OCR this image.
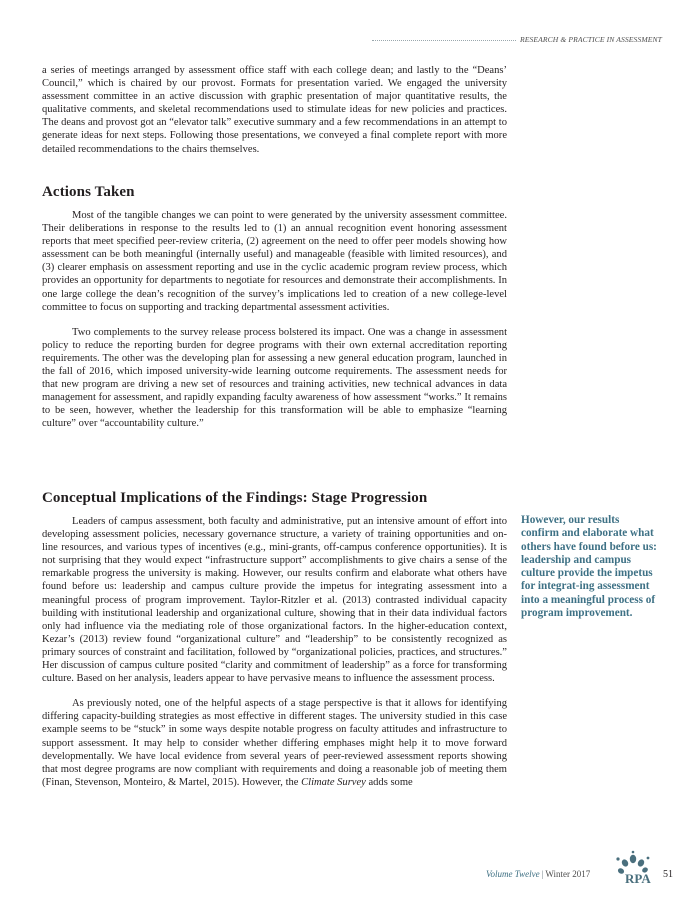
RESEARCH & PRACTICE IN ASSESSMENT

a series of meetings arranged by assessment office staff with each college dean; and lastly to the “Deans’ Council,” which is chaired by our provost. Formats for presentation varied. We engaged the university assessment committee in an active discussion with graphic presentation of major quantitative results, the qualitative comments, and skeletal recommendations used to stimulate ideas for new policies and practices. The deans and provost got an “elevator talk” executive summary and a few recommendations in an attempt to generate ideas for next steps. Following those presentations, we conveyed a final complete report with more detailed recommendations to the chairs themselves.

Actions Taken

Most of the tangible changes we can point to were generated by the university assessment committee. Their deliberations in response to the results led to (1) an annual recognition event honoring assessment reports that meet specified peer-review criteria, (2) agreement on the need to offer peer models showing how assessment can be both meaningful (internally useful) and manageable (feasible with limited resources), and (3) clearer emphasis on assessment reporting and use in the cyclic academic program review process, which provides an opportunity for departments to negotiate for resources and demonstrate their accomplishments. In one large college the dean’s recognition of the survey’s implications led to creation of a new college-level committee to focus on supporting and tracking departmental assessment activities.

Two complements to the survey release process bolstered its impact. One was a change in assessment policy to reduce the reporting burden for degree programs with their own external accreditation reporting requirements. The other was the developing plan for assessing a new general education program, launched in the fall of 2016, which imposed university-wide learning outcome requirements. The assessment needs for that new program are driving a new set of resources and training activities, new technical advances in data management for assessment, and rapidly expanding faculty awareness of how assessment “works.” It remains to be seen, however, whether the leadership for this transformation will be able to emphasize “learning culture” over “accountability culture.”

Conceptual Implications of the Findings: Stage Progression

Leaders of campus assessment, both faculty and administrative, put an intensive amount of effort into developing assessment policies, necessary governance structure, a variety of training opportunities and on-line resources, and various types of incentives (e.g., mini-grants, off-campus conference opportunities). It is not surprising that they would expect “infrastructure support” accomplishments to give chairs a sense of the remarkable progress the university is making. However, our results confirm and elaborate what others have found before us: leadership and campus culture provide the impetus for integrating assessment into a meaningful process of program improvement. Taylor-Ritzler et al. (2013) contrasted individual capacity building with institutional leadership and organizational culture, showing that in their data individual factors only had influence via the mediating role of those organizational factors. In the higher-education context, Kezar’s (2013) review found “organizational culture” and “leadership” to be consistently recognized as primary sources of constraint and facilitation, followed by “organizational policies, practices, and structures.” Her discussion of campus culture posited “clarity and commitment of leadership” as a force for transforming culture. Based on her analysis, leaders appear to have pervasive means to influence the assessment process.

As previously noted, one of the helpful aspects of a stage perspective is that it allows for identifying differing capacity-building strategies as most effective in different stages. The university studied in this case example seems to be “stuck” in some ways despite notable progress on faculty attitudes and infrastructure to support assessment. It may help to consider whether differing emphases might help it to move forward developmentally. We have local evidence from several years of peer-reviewed assessment reports showing that most degree programs are now compliant with requirements and doing a reasonable job of meeting them (Finan, Stevenson, Monteiro, & Martel, 2015). However, the Climate Survey adds some

However, our results confirm and elaborate what others have found before us: leadership and campus culture provide the impetus for integrat-ing assessment into a meaningful process of program improvement.

Volume Twelve | Winter 2017	RPA 51
